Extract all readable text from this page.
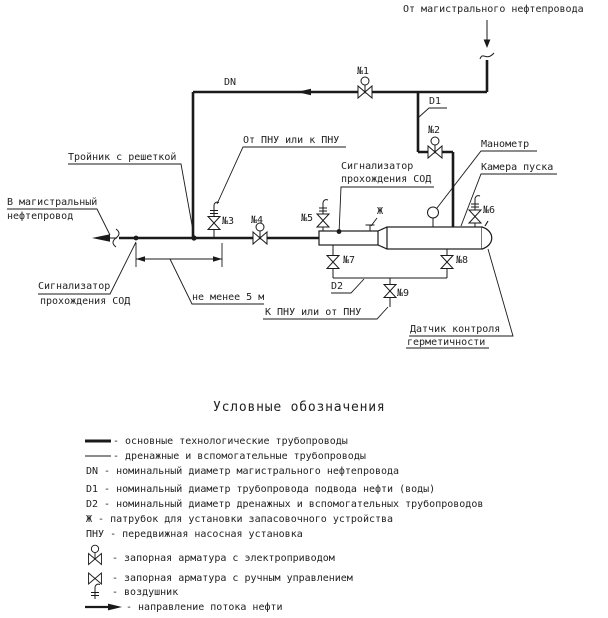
От магистрального нефтепровода
DN
№1
D1
№2
Манометр
Камера пуска
От ПНУ или к ПНУ
Сигнализатор
прохождения СОД
Тройник с решеткой
В магистральный
нефтепровод	№3 №4	№5
Ж	№6
Сигнализатор
прохождения СОД	не менее 5 м
№7	№8
D2
№9
К ПНУ или от ПНУ
Датчик контроля
герметичности
Условные обозначения
- основные технологические трубопроводы
- дренажные и вспомогательные трубопроводы
DN - номинальный диаметр магистрального нефтепровода
D1 - номинальный диаметр трубопровода подвода нефти (воды)
D2 - номинальный диаметр дренажных и вспомогательных трубопроводов
Ж - патрубок для установки запасовочного устройства
ПНУ - передвижная насосная установка
- запорная арматура с электроприводом
- запорная арматура с ручным управлением
- воздушник
- направление потока нефти
